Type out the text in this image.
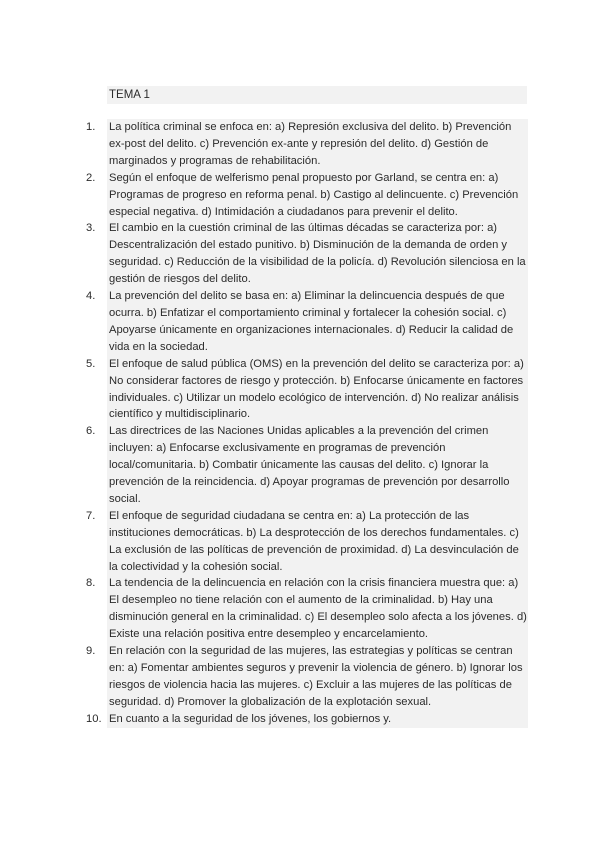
TEMA 1
1.	La política criminal se enfoca en: a) Represión exclusiva del delito. b) Prevención ex-post del delito. c) Prevención ex-ante y represión del delito. d) Gestión de marginados y programas de rehabilitación.
2.	Según el enfoque de welferismo penal propuesto por Garland, se centra en: a) Programas de progreso en reforma penal. b) Castigo al delincuente. c) Prevención especial negativa. d) Intimidación a ciudadanos para prevenir el delito.
3.	El cambio en la cuestión criminal de las últimas décadas se caracteriza por: a) Descentralización del estado punitivo. b) Disminución de la demanda de orden y seguridad. c) Reducción de la visibilidad de la policía. d) Revolución silenciosa en la gestión de riesgos del delito.
4.	La prevención del delito se basa en: a) Eliminar la delincuencia después de que ocurra. b) Enfatizar el comportamiento criminal y fortalecer la cohesión social. c) Apoyarse únicamente en organizaciones internacionales. d) Reducir la calidad de vida en la sociedad.
5.	El enfoque de salud pública (OMS) en la prevención del delito se caracteriza por: a) No considerar factores de riesgo y protección. b) Enfocarse únicamente en factores individuales. c) Utilizar un modelo ecológico de intervención. d) No realizar análisis científico y multidisciplinario.
6.	Las directrices de las Naciones Unidas aplicables a la prevención del crimen incluyen: a) Enfocarse exclusivamente en programas de prevención local/comunitaria. b) Combatir únicamente las causas del delito. c) Ignorar la prevención de la reincidencia. d) Apoyar programas de prevención por desarrollo social.
7.	El enfoque de seguridad ciudadana se centra en: a) La protección de las instituciones democráticas. b) La desprotección de los derechos fundamentales. c) La exclusión de las políticas de prevención de proximidad. d) La desvinculación de la colectividad y la cohesión social.
8.	La tendencia de la delincuencia en relación con la crisis financiera muestra que: a) El desempleo no tiene relación con el aumento de la criminalidad. b) Hay una disminución general en la criminalidad. c) El desempleo solo afecta a los jóvenes. d) Existe una relación positiva entre desempleo y encarcelamiento.
9.	En relación con la seguridad de las mujeres, las estrategias y políticas se centran en: a) Fomentar ambientes seguros y prevenir la violencia de género. b) Ignorar los riesgos de violencia hacia las mujeres. c) Excluir a las mujeres de las políticas de seguridad. d) Promover la globalización de la explotación sexual.
10. En cuanto a la seguridad de los jóvenes, los gobiernos y.
